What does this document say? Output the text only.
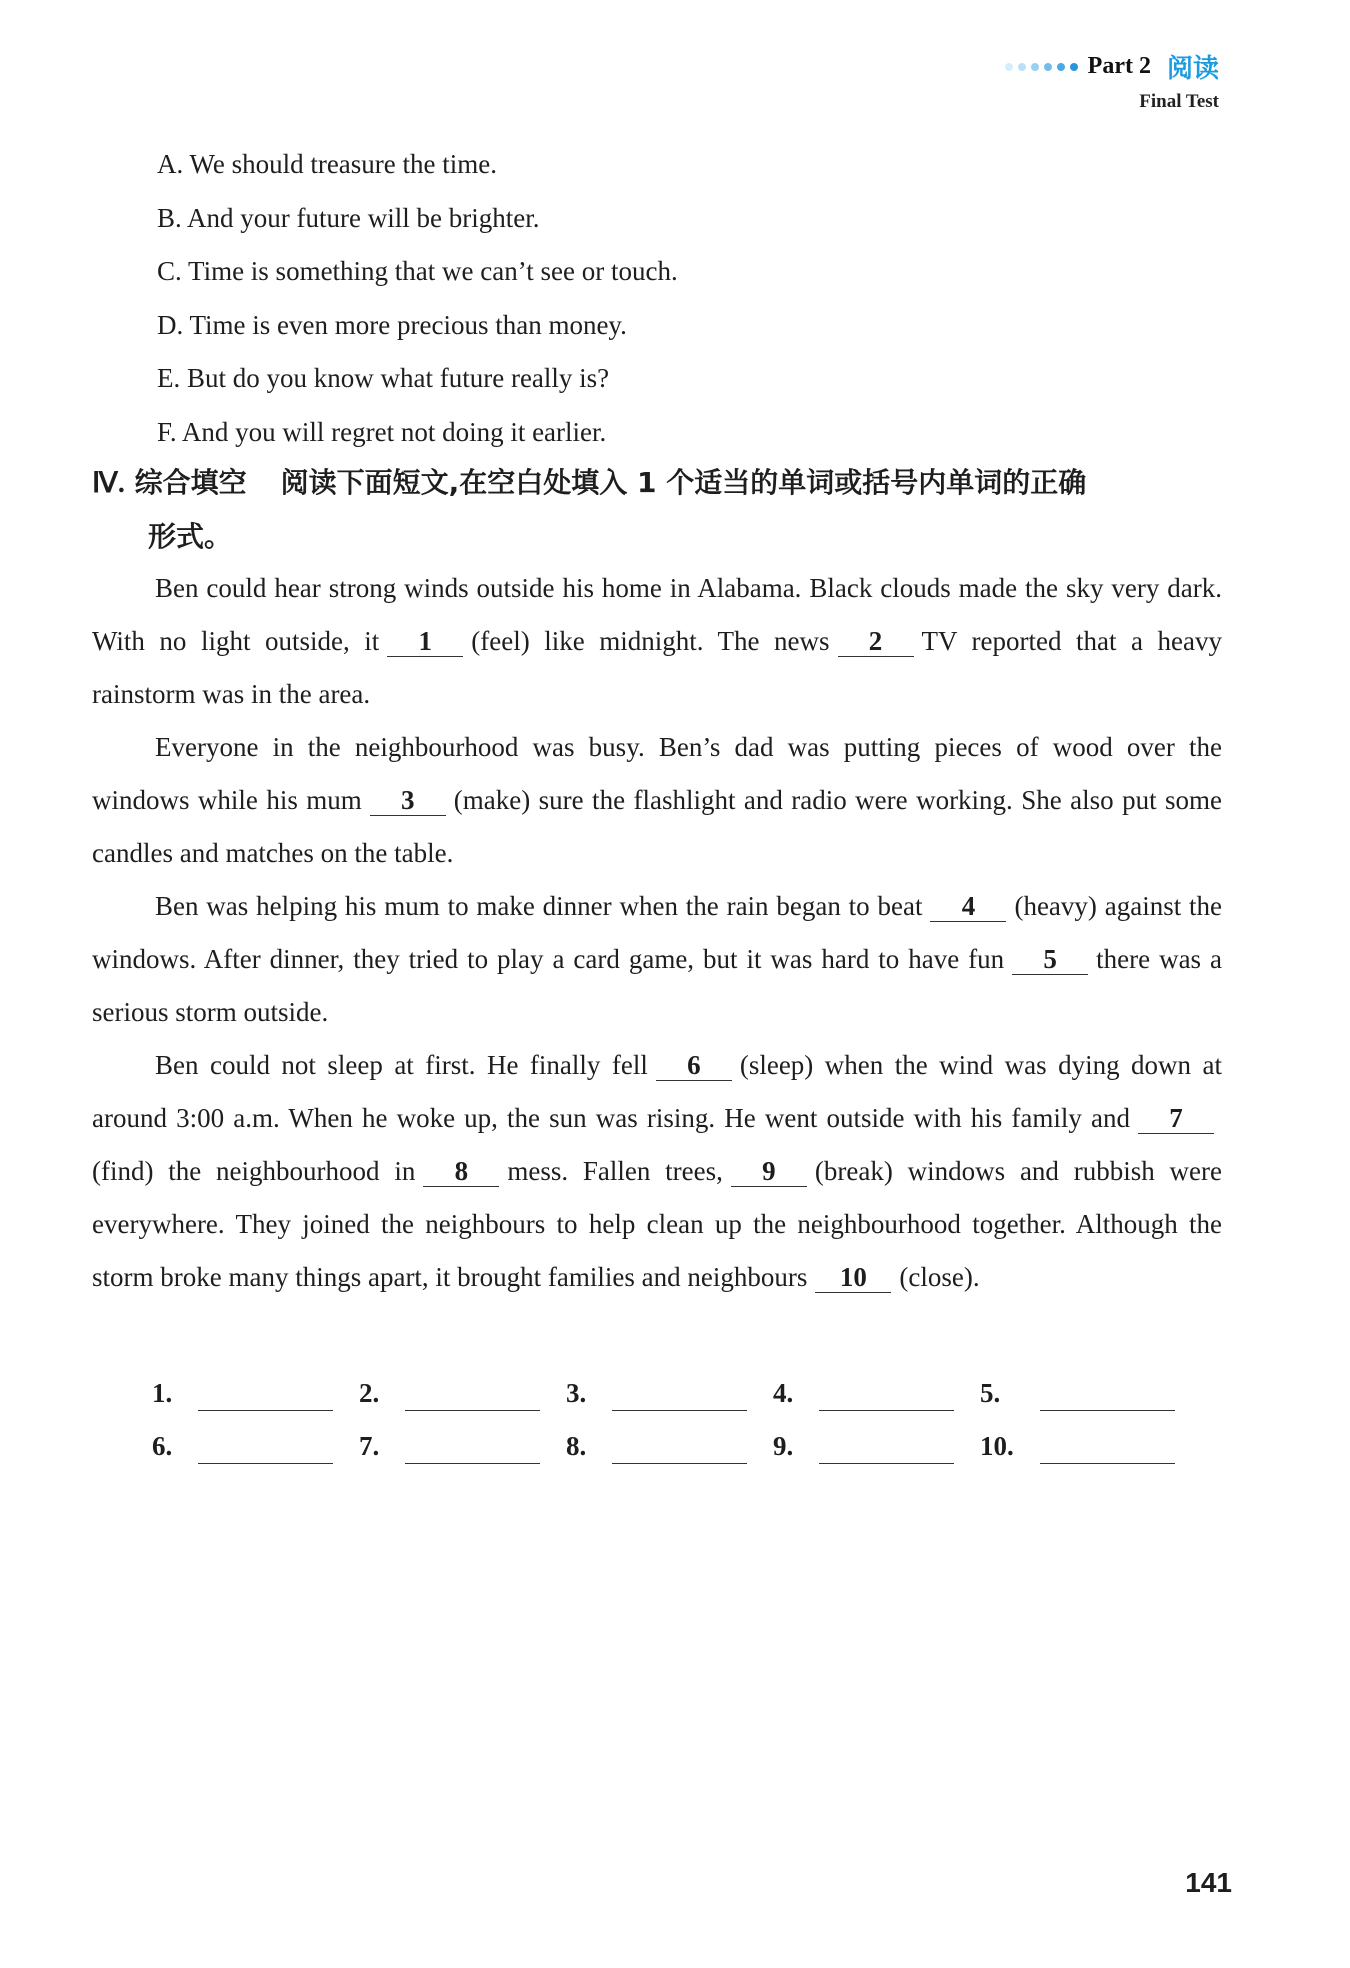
Part 2 阅读
Final Test
A. We should treasure the time.
B. And your future will be brighter.
C. Time is something that we can’t see or touch.
D. Time is even more precious than money.
E. But do you know what future really is?
F. And you will regret not doing it earlier.
Ⅳ. 综合填空 阅读下面短文,在空白处填入 1 个适当的单词或括号内单词的正确
形式。

Ben could hear strong winds outside his home in Alabama. Black clouds made the sky very dark. With no light outside, it 1 (feel) like midnight. The news 2 TV reported that a heavy rainstorm was in the area.

Everyone in the neighbourhood was busy. Ben’s dad was putting pieces of wood over the windows while his mum 3 (make) sure the flashlight and radio were working. She also put some candles and matches on the table.

Ben was helping his mum to make dinner when the rain began to beat 4 (heavy) against the windows. After dinner, they tried to play a card game, but it was hard to have fun 5 there was a serious storm outside.

Ben could not sleep at first. He finally fell 6 (sleep) when the wind was dying down at around 3:00 a.m. When he woke up, the sun was rising. He went outside with his family and 7(find) the neighbourhood in 8 mess. Fallen trees, 9 (break) windows and rubbish were everywhere. They joined the neighbours to help clean up the neighbourhood together. Although the storm broke many things apart, it brought families and neighbours 10 (close).

1.	2.	3.	4.	5.
6.	7.	8.	9.	10.
141
